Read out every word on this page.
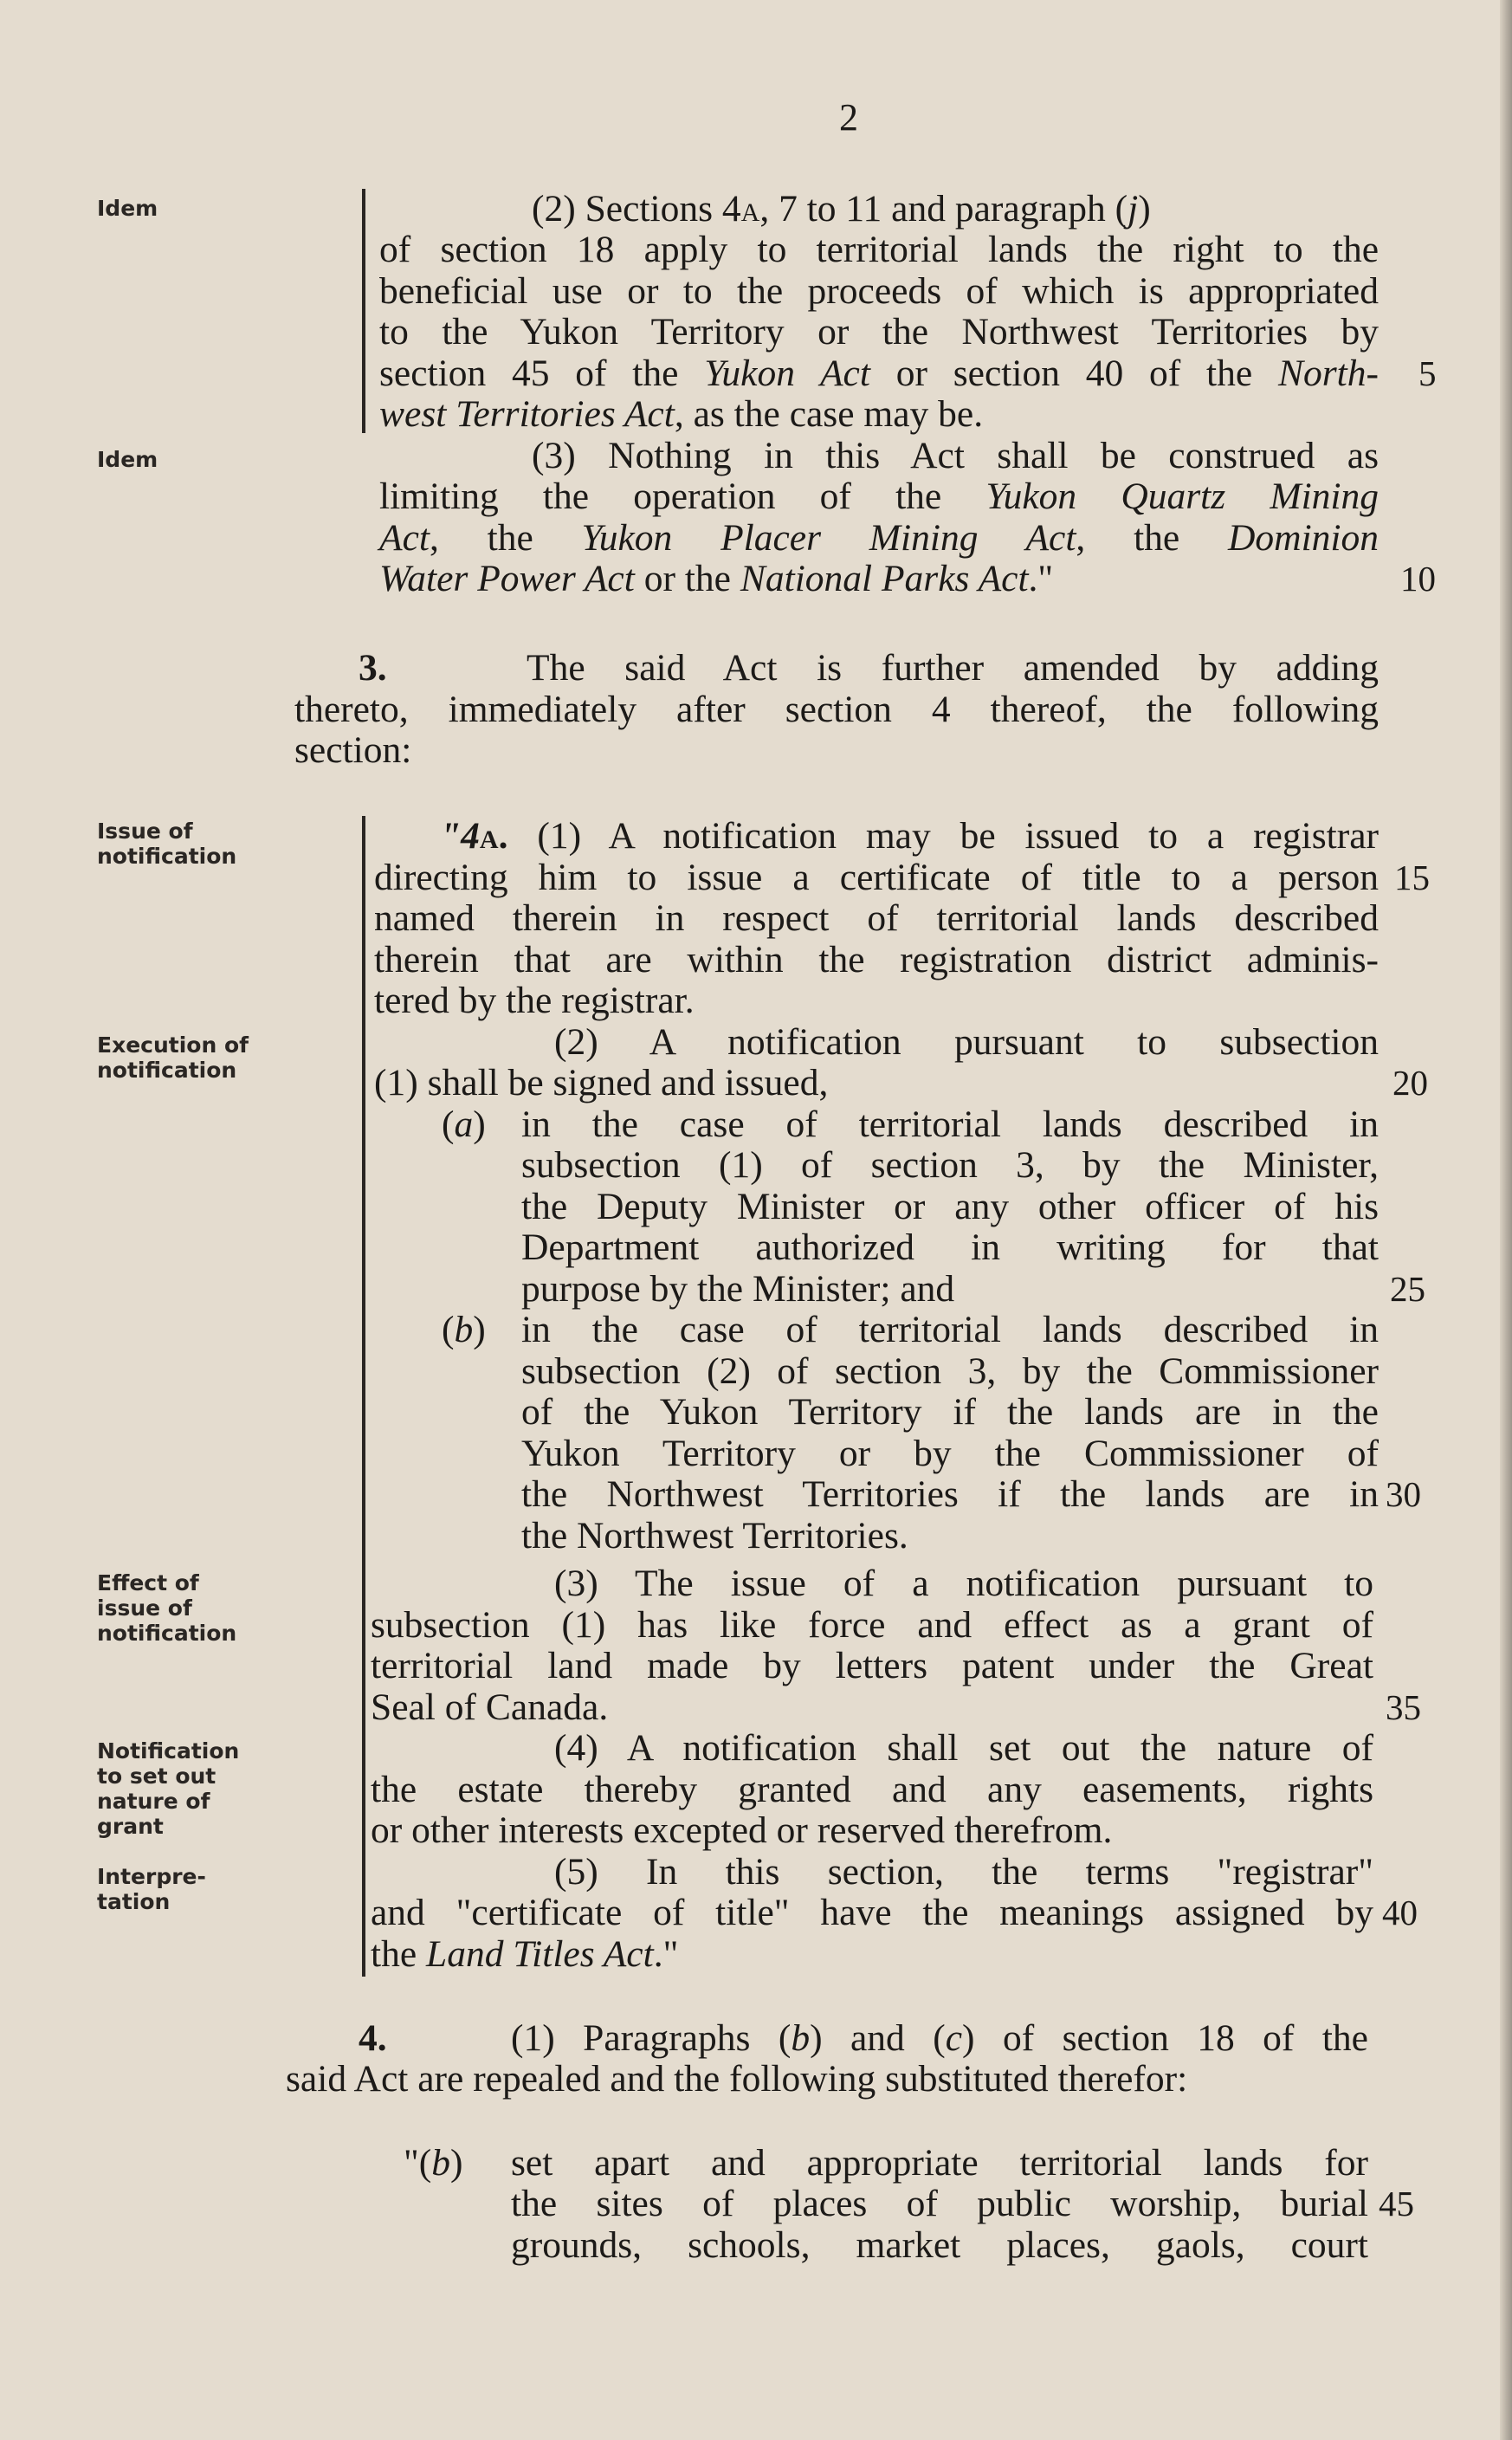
2
Idem
Idem
Issue of
notification
Execution of
notification
Effect of
issue of
notification
Notification
to set out
nature of
grant
Interpre-
tation
(2) Sections 4a, 7 to 11 and paragraph (j)
of section 18 apply to territorial lands the right to the
beneficial use or to the proceeds of which is appropriated
to the Yukon Territory or the Northwest Territories by
section 45 of the Yukon Act or section 40 of the North-
west Territories Act, as the case may be.
(3) Nothing in this Act shall be construed as
limiting the operation of the Yukon Quartz Mining
Act, the Yukon Placer Mining Act, the Dominion
Water Power Act or the National Parks Act."
3.	The said Act is further amended by adding
thereto, immediately after section 4 thereof, the following
section:
"4a. (1) A notification may be issued to a registrar
directing him to issue a certificate of title to a person
named therein in respect of territorial lands described
therein that are within the registration district adminis-
tered by the registrar.
(2) A notification pursuant to subsection
(1) shall be signed and issued,
(a) in the case of territorial lands described in
subsection (1) of section 3, by the Minister,
the Deputy Minister or any other officer of his
Department authorized in writing for that
purpose by the Minister; and
(b) in the case of territorial lands described in
subsection (2) of section 3, by the Commissioner
of the Yukon Territory if the lands are in the
Yukon Territory or by the Commissioner of
the Northwest Territories if the lands are in
the Northwest Territories.
(3) The issue of a notification pursuant to
subsection (1) has like force and effect as a grant of
territorial land made by letters patent under the Great
Seal of Canada.
(4) A notification shall set out the nature of
the estate thereby granted and any easements, rights
or other interests excepted or reserved therefrom.
(5) In this section, the terms "registrar"
and "certificate of title" have the meanings assigned by
the Land Titles Act."
4.	(1) Paragraphs (b) and (c) of section 18 of the
said Act are repealed and the following substituted therefor:
"(b) set apart and appropriate territorial lands for
the sites of places of public worship, burial
grounds, schools, market places, gaols, court
5
10
15
20
25
30
35
40
45
